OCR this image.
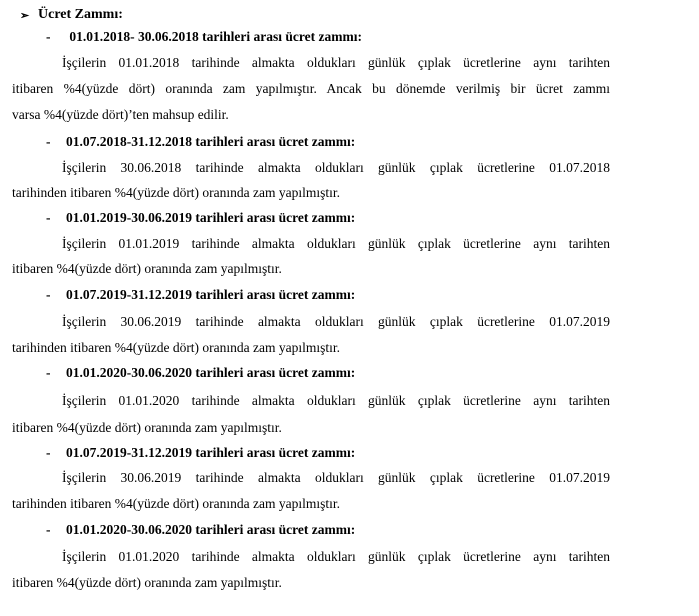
➢ Ücret Zammı:
-	01.01.2018- 30.06.2018 tarihleri arası ücret zammı:
İşçilerin 01.01.2018 tarihinde almakta oldukları günlük çıplak ücretlerine aynı tarihten
itibaren %4(yüzde dört) oranında zam yapılmıştır. Ancak bu dönemde verilmiş bir ücret zammı
varsa %4(yüzde dört)’ten mahsup edilir.
-	01.07.2018-31.12.2018 tarihleri arası ücret zammı:
İşçilerin 30.06.2018 tarihinde almakta oldukları günlük çıplak ücretlerine 01.07.2018
tarihinden itibaren %4(yüzde dört) oranında zam yapılmıştır.
-	01.01.2019-30.06.2019 tarihleri arası ücret zammı:
İşçilerin 01.01.2019 tarihinde almakta oldukları günlük çıplak ücretlerine aynı tarihten
itibaren %4(yüzde dört) oranında zam yapılmıştır.
-	01.07.2019-31.12.2019 tarihleri arası ücret zammı:
İşçilerin 30.06.2019 tarihinde almakta oldukları günlük çıplak ücretlerine 01.07.2019
tarihinden itibaren %4(yüzde dört) oranında zam yapılmıştır.
-	01.01.2020-30.06.2020 tarihleri arası ücret zammı:
İşçilerin 01.01.2020 tarihinde almakta oldukları günlük çıplak ücretlerine aynı tarihten
itibaren %4(yüzde dört) oranında zam yapılmıştır.
-	01.07.2019-31.12.2019 tarihleri arası ücret zammı:
İşçilerin 30.06.2019 tarihinde almakta oldukları günlük çıplak ücretlerine 01.07.2019
tarihinden itibaren %4(yüzde dört) oranında zam yapılmıştır.
-	01.01.2020-30.06.2020 tarihleri arası ücret zammı:
İşçilerin 01.01.2020 tarihinde almakta oldukları günlük çıplak ücretlerine aynı tarihten
itibaren %4(yüzde dört) oranında zam yapılmıştır.
